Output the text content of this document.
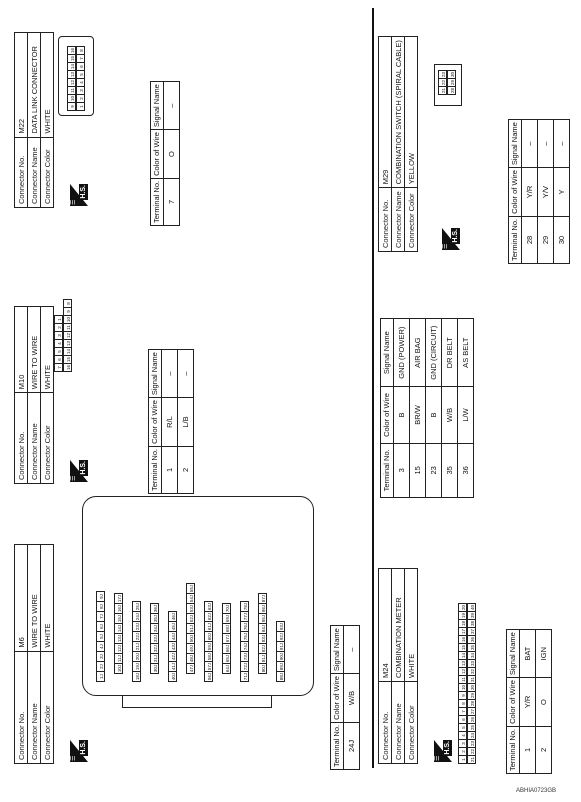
Connector No.	M6
Connector Name	WIRE TO WIRE
Connector Color	WHITE
☰
H.S.
1J
2J
3J
4J
5J
6J
7J
8J
9J
10J
11J
12J
13J
14J
15J
16J
17J
18J
19J
20J
21J
22J
23J
24J
25J
30J
31J
32J
33J
34J
35J
36J
40J
41J
42J
43J
44J
45J
46J
47J
48J
49J
50J
51J
52J
53J
54J
55J
56J
57J
58J
59J
60J
61J
62J
63J
64J
65J
66J
67J
68J
69J
70J
71J
72J
73J
74J
75J
76J
77J
78J
80J
81J
82J
83J
84J
85J
86J
87J
88J
89J
90J
91J
92J
93J
Terminal No.	Color of Wire	Signal Name
24J	W/B	–
Connector No.	M10
Connector Name	WIRE TO WIRE
Connector Color	WHITE	7
6
5
4
3
2
1
16
15
14
13
12
11
10
9
8
☰
H.S.	Terminal No.	Color of Wire	Signal Name
1	R/L	–
2	L/B	–
Connector No.	M22
Connector Name	DATA LINK CONNECTOR
Connector Color	WHITE
9
10
11
12
13
14
15
16
1
2
3
4
5
6
7
8
☰
H.S.	Terminal No.	Color of Wire	Signal Name
7	O	–
Connector No.	M24
Connector Name	COMBINATION METER
Connector Color	WHITE
☰
H.S.
1
2
3
4
5
6
7
8
9
10
11
12
13
14
15
16
17
18
19
20
21
22
23
24
25
26
27
28
29
30
31
32
33
34
35
36
37
38
39
40
Terminal No.	Color of Wire	Signal Name
1	Y/R	BAT
2	O	IGN
Terminal No.	Color of Wire	Signal Name
3	B	GND (POWER)
15	BR/W	AIR BAG
23	B	GND (CIRCUIT)
35	W/B	DR BELT
36	L/W	AS BELT
Connector No.	M29
Connector Name	COMBINATION SWITCH (SPIRAL CABLE)
Connector Color	YELLOW
21
22
23
28
29
30
☰
H.S.	Terminal No.	Color of Wire	Signal Name
28	Y/R	–
29	Y/V	–
30	Y	–
ABHIA0723GB
